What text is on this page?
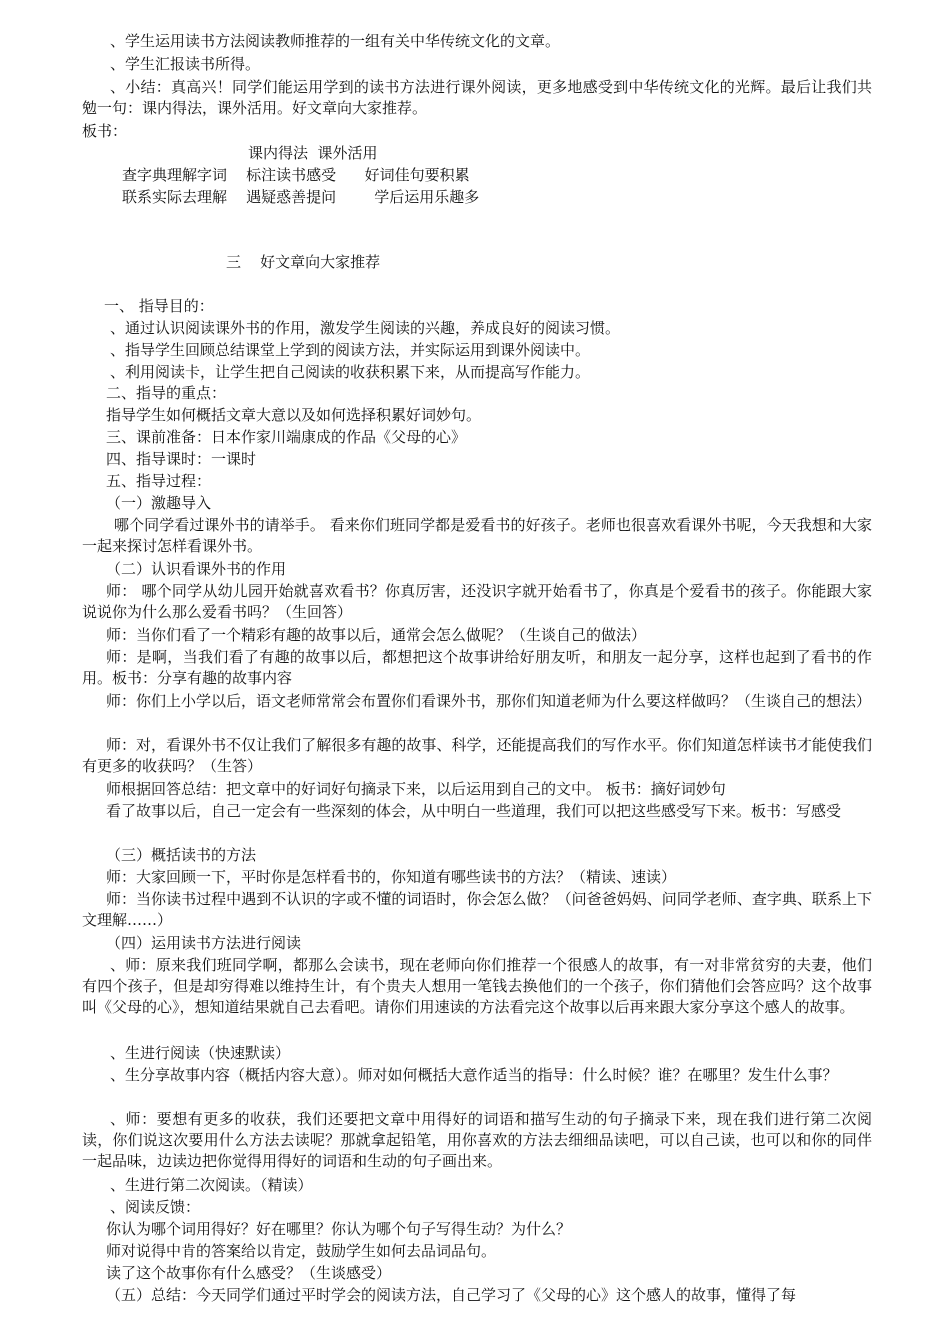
、学生运用读书方法阅读教师推荐的一组有关中华传统文化的文章。

、学生汇报读书所得。

、小结：真高兴！同学们能运用学到的读书方法进行课外阅读，更多地感受到中华传统文化的光辉。最后让我们共勉一句：课内得法，课外活用。好文章向大家推荐。

板书：

课内得法  课外活用

查字典理解字词    标注读书感受      好词佳句要积累

联系实际去理解    遇疑惑善提问        学后运用乐趣多

三    好文章向大家推荐

一、 指导目的：

、通过认识阅读课外书的作用，激发学生阅读的兴趣，养成良好的阅读习惯。

、指导学生回顾总结课堂上学到的阅读方法，并实际运用到课外阅读中。

、利用阅读卡，让学生把自己阅读的收获积累下来，从而提高写作能力。

二、指导的重点：

指导学生如何概括文章大意以及如何选择积累好词妙句。

三、课前准备：日本作家川端康成的作品《父母的心》

四、指导课时：一课时

五、指导过程：

（一）激趣导入

哪个同学看过课外书的请举手。 看来你们班同学都是爱看书的好孩子。老师也很喜欢看课外书呢，今天我想和大家一起来探讨怎样看课外书。

（二）认识看课外书的作用

师： 哪个同学从幼儿园开始就喜欢看书？你真厉害，还没识字就开始看书了，你真是个爱看书的孩子。你能跟大家说说你为什么那么爱看书吗？（生回答）

师：当你们看了一个精彩有趣的故事以后，通常会怎么做呢？（生谈自己的做法）

师：是啊，当我们看了有趣的故事以后，都想把这个故事讲给好朋友听，和朋友一起分享，这样也起到了看书的作用。板书：分享有趣的故事内容

师：你们上小学以后，语文老师常常会布置你们看课外书，那你们知道老师为什么要这样做吗？（生谈自己的想法）

师：对，看课外书不仅让我们了解很多有趣的故事、科学，还能提高我们的写作水平。你们知道怎样读书才能使我们有更多的收获吗？（生答）

师根据回答总结：把文章中的好词好句摘录下来，以后运用到自己的文中。 板书：摘好词妙句

看了故事以后，自己一定会有一些深刻的体会，从中明白一些道理，我们可以把这些感受写下来。板书：写感受

（三）概括读书的方法

师：大家回顾一下，平时你是怎样看书的，你知道有哪些读书的方法？（精读、速读）

师：当你读书过程中遇到不认识的字或不懂的词语时，你会怎么做？（问爸爸妈妈、问同学老师、查字典、联系上下文理解……）

（四）运用读书方法进行阅读

、师：原来我们班同学啊，都那么会读书，现在老师向你们推荐一个很感人的故事，有一对非常贫穷的夫妻，他们有四个孩子，但是却穷得难以维持生计，有个贵夫人想用一笔钱去换他们的一个孩子，你们猜他们会答应吗？这个故事叫《父母的心》，想知道结果就自己去看吧。请你们用速读的方法看完这个故事以后再来跟大家分享这个感人的故事。

、生进行阅读（快速默读）

、生分享故事内容（概括内容大意）。师对如何概括大意作适当的指导：什么时候？谁？在哪里？发生什么事？

、师：要想有更多的收获，我们还要把文章中用得好的词语和描写生动的句子摘录下来，现在我们进行第二次阅读，你们说这次要用什么方法去读呢？那就拿起铅笔，用你喜欢的方法去细细品读吧，可以自己读，也可以和你的同伴一起品味，边读边把你觉得用得好的词语和生动的句子画出来。

、生进行第二次阅读。（精读）

、阅读反馈：

你认为哪个词用得好？好在哪里？你认为哪个句子写得生动？为什么？

师对说得中肯的答案给以肯定，鼓励学生如何去品词品句。

读了这个故事你有什么感受？（生谈感受）

（五）总结：今天同学们通过平时学会的阅读方法，自己学习了《父母的心》这个感人的故事，懂得了每
